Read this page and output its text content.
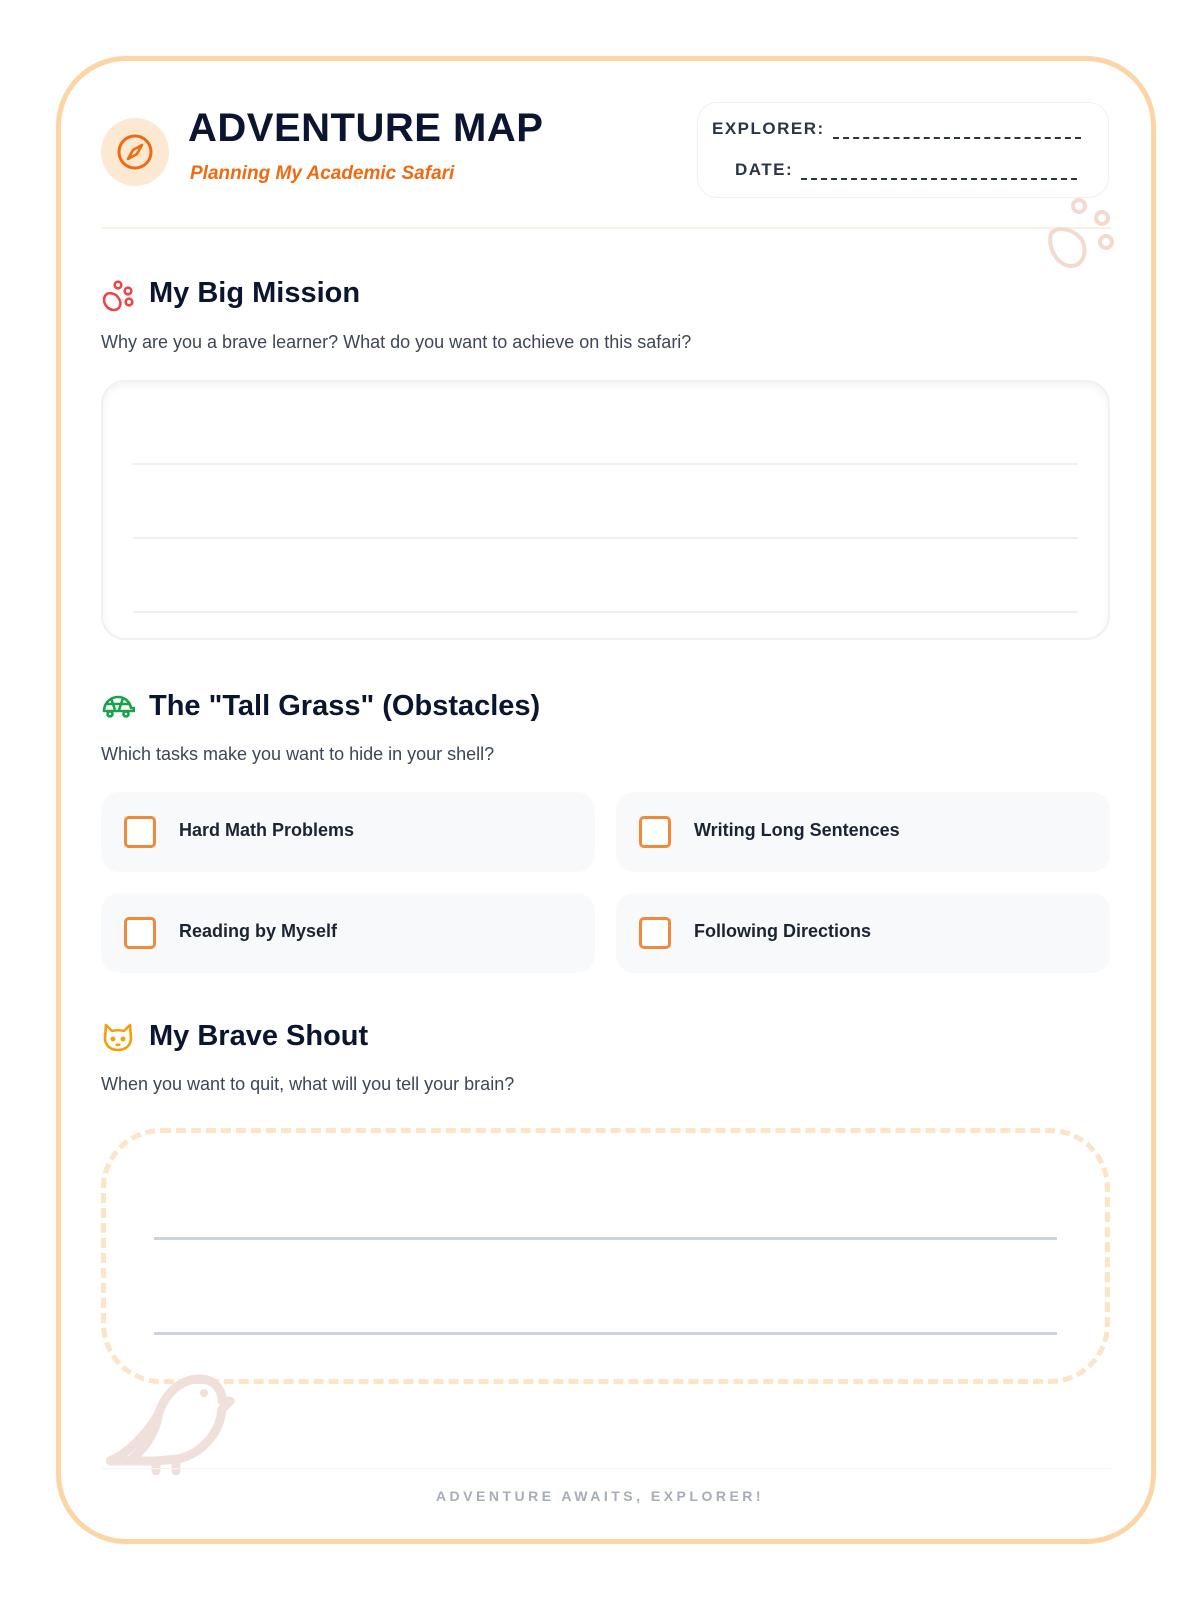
ADVENTURE MAP
Planning My Academic Safari
EXPLORER:
DATE:
My Big Mission
Why are you a brave learner? What do you want to achieve on this safari?
The "Tall Grass" (Obstacles)
Which tasks make you want to hide in your shell?
Hard Math Problems	Writing Long Sentences
Reading by Myself	Following Directions
My Brave Shout
When you want to quit, what will you tell your brain?
ADVENTURE AWAITS, EXPLORER!
